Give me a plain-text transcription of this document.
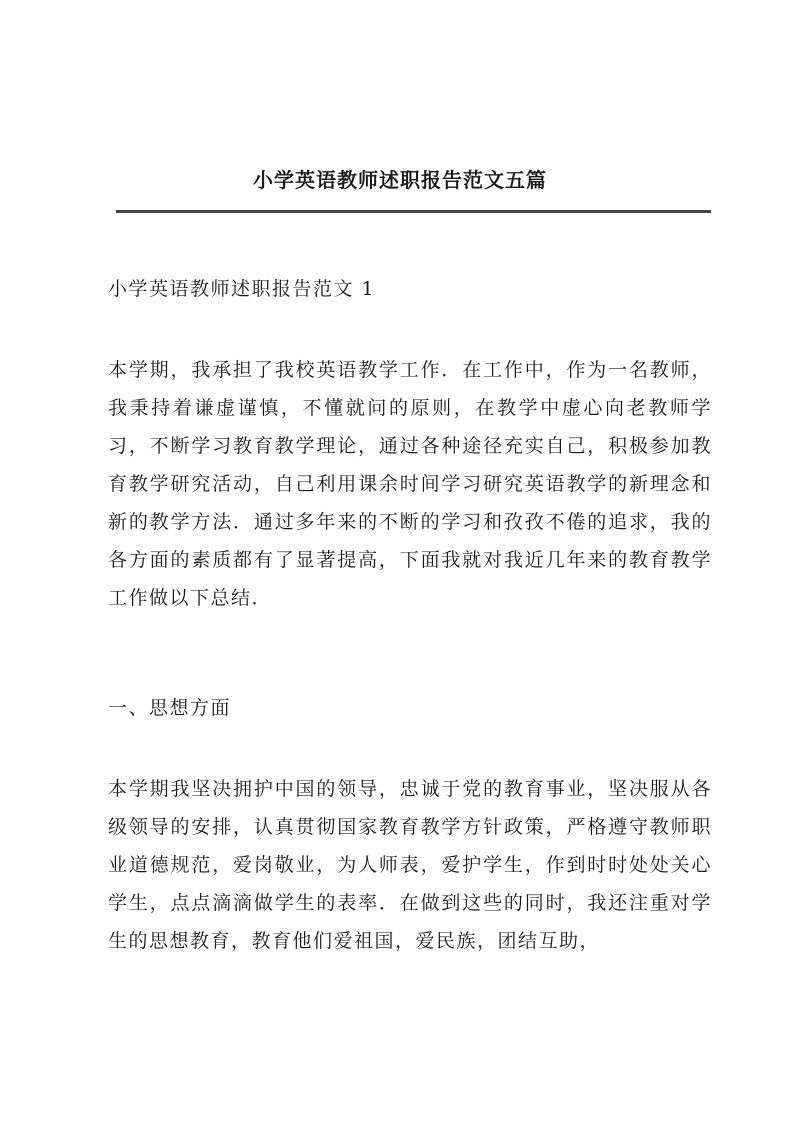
小学英语教师述职报告范文五篇

小学英语教师述职报告范文 1

本学期，我承担了我校英语教学工作．在工作中，作为一名教师，我秉持着谦虚谨慎，不懂就问的原则，在教学中虚心向老教师学习，不断学习教育教学理论，通过各种途径充实自己，积极参加教育教学研究活动，自己利用课余时间学习研究英语教学的新理念和新的教学方法．通过多年来的不断的学习和孜孜不倦的追求，我的各方面的素质都有了显著提高，下面我就对我近几年来的教育教学工作做以下总结．

一、思想方面

本学期我坚决拥护中国的领导，忠诚于党的教育事业，坚决服从各级领导的安排，认真贯彻国家教育教学方针政策，严格遵守教师职业道德规范，爱岗敬业，为人师表，爱护学生，作到时时处处关心学生，点点滴滴做学生的表率．在做到这些的同时，我还注重对学生的思想教育，教育他们爱祖国，爱民族，团结互助，
